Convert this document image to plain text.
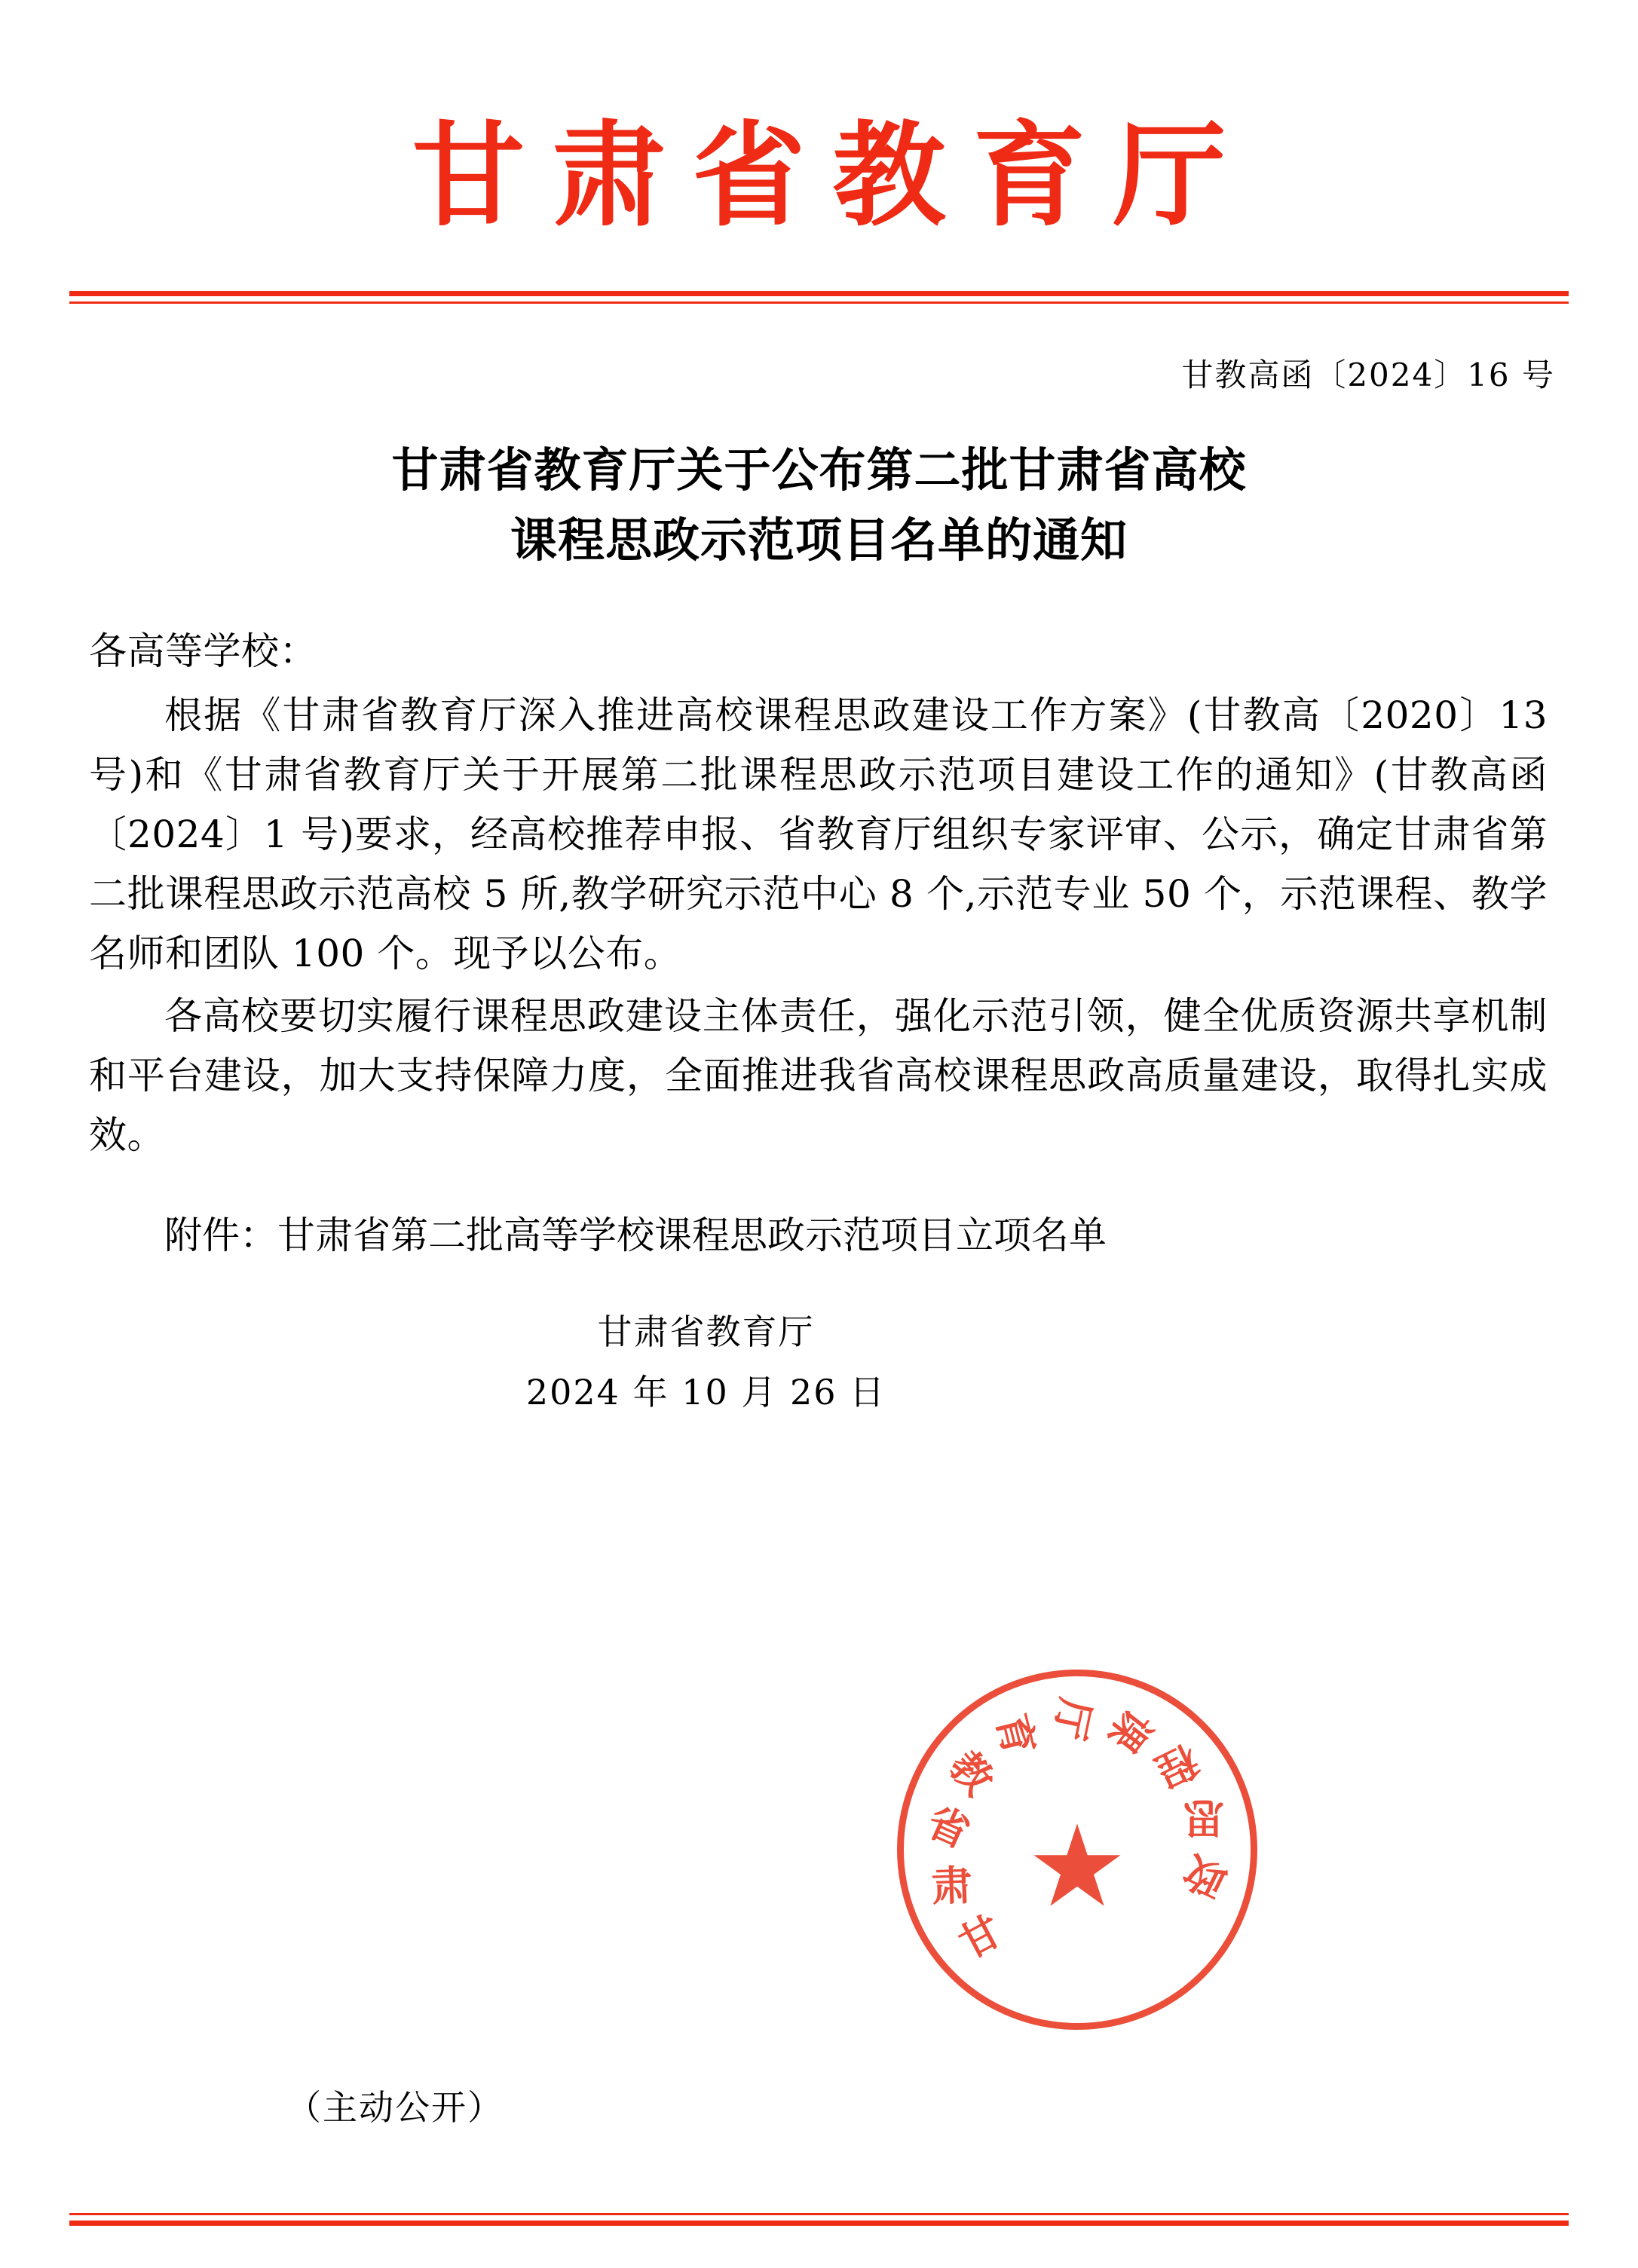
甘肃省教育厅
甘教高函〔2024〕16 号
甘肃省教育厅关于公布第二批甘肃省高校
课程思政示范项目名单的通知
各高等学校：

根据《甘肃省教育厅深入推进高校课程思政建设工作方案》(甘教高〔2020〕13 号)和《甘肃省教育厅关于开展第二批课程思政示范项目建设工作的通知》(甘教高函〔2024〕1 号)要求，经高校推荐申报、省教育厅组织专家评审、公示，确定甘肃省第二批课程思政示范高校 5 所,教学研究示范中心 8 个,示范专业 50 个，示范课程、教学名师和团队 100 个。现予以公布。

各高校要切实履行课程思政建设主体责任，强化示范引领，健全优质资源共享机制和平台建设，加大支持保障力度，全面推进我省高校课程思政高质量建设，取得扎实成效。

附件：甘肃省第二批高等学校课程思政示范项目立项名单
甘肃省教育厅
2024 年 10 月 26 日
甘
肃
省
教
育 厅
课
程
思
政
★
（主动公开）
